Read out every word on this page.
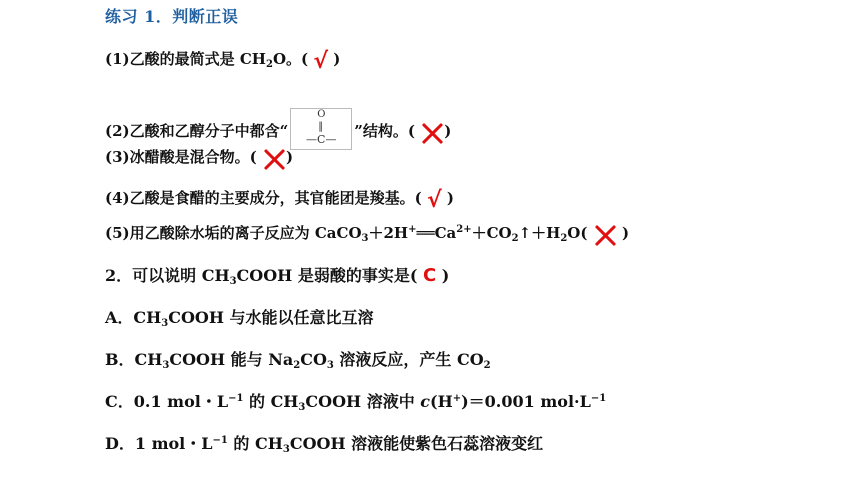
练习 1．判断正误
(1)乙酸的最简式是 $CH_2O$。( √ )
(2)乙酸和乙醇分子中都含“
O
||
—C—	”结构。( )
(3)冰醋酸是混合物。( )
(4)乙酸是食醋的主要成分，其官能团是羧基。( √ )
(5)用乙酸除水垢的离子反应为 $CaCO_3+2H^+══Ca^{2+}+CO_2↑+H_2O$( )
2．可以说明 $CH_3COOH$ 是弱酸的事实是( C )
A．$CH_3COOH$ 与水能以任意比互溶
B．$CH_3COOH$ 能与 $Na_2CO_3$ 溶液反应，产生 $CO_2$
C．0.1 mol・$L^{-1}$ 的 $CH_3COOH$ 溶液中 c(H+)＝0.001 $mol\cdot L^{-1}$
D．1 mol・$L^{-1}$ 的 $CH_3COOH$ 溶液能使紫色石蕊溶液变红
